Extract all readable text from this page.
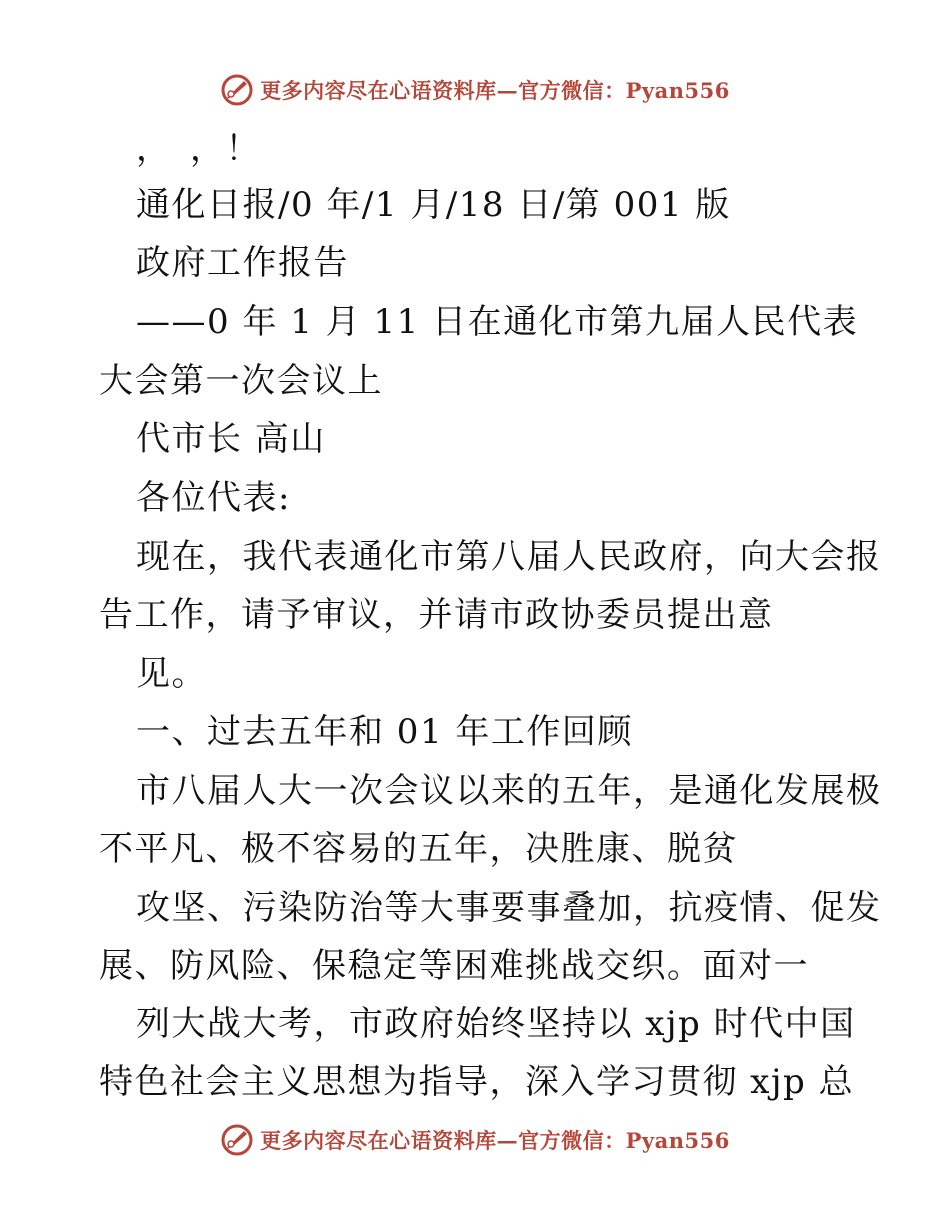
更多内容尽在心语资料库—官方微信：Pyan556
，　，！
通化日报/0 年/1 月/18 日/第 001 版
政府工作报告
——0 年 1 月 11 日在通化市第九届人民代表
大会第一次会议上
代市长 高山
各位代表:
现在，我代表通化市第八届人民政府，向大会报
告工作，请予审议，并请市政协委员提出意
见。
一、过去五年和 01 年工作回顾
市八届人大一次会议以来的五年，是通化发展极
不平凡、极不容易的五年，决胜康、脱贫
攻坚、污染防治等大事要事叠加，抗疫情、促发
展、防风险、保稳定等困难挑战交织。面对一
列大战大考，市政府始终坚持以 xjp 时代中国
特色社会主义思想为指导，深入学习贯彻 xjp 总
更多内容尽在心语资料库—官方微信：Pyan556
